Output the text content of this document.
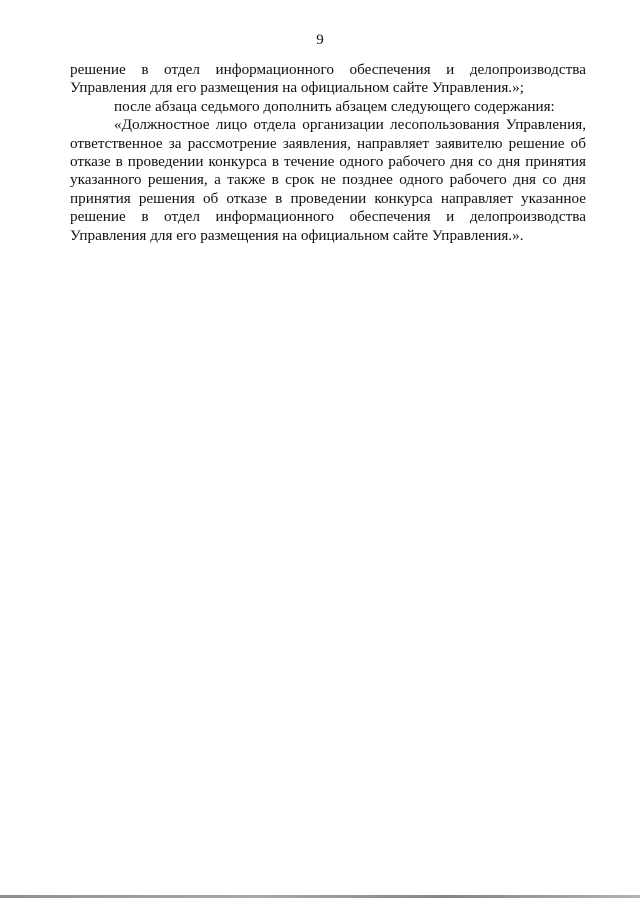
9
решение в отдел информационного обеспечения и делопроизводства
Управления для его размещения на официальном сайте Управления.»;
после абзаца седьмого дополнить абзацем следующего содержания:
«Должностное лицо отдела организации лесопользования Управления,
ответственное за рассмотрение заявления, направляет заявителю решение об
отказе в проведении конкурса в течение одного рабочего дня со дня принятия
указанного решения, а также в срок не позднее одного рабочего дня со дня
принятия решения об отказе в проведении конкурса направляет указанное
решение в отдел информационного обеспечения и делопроизводства
Управления для его размещения на официальном сайте Управления.».
